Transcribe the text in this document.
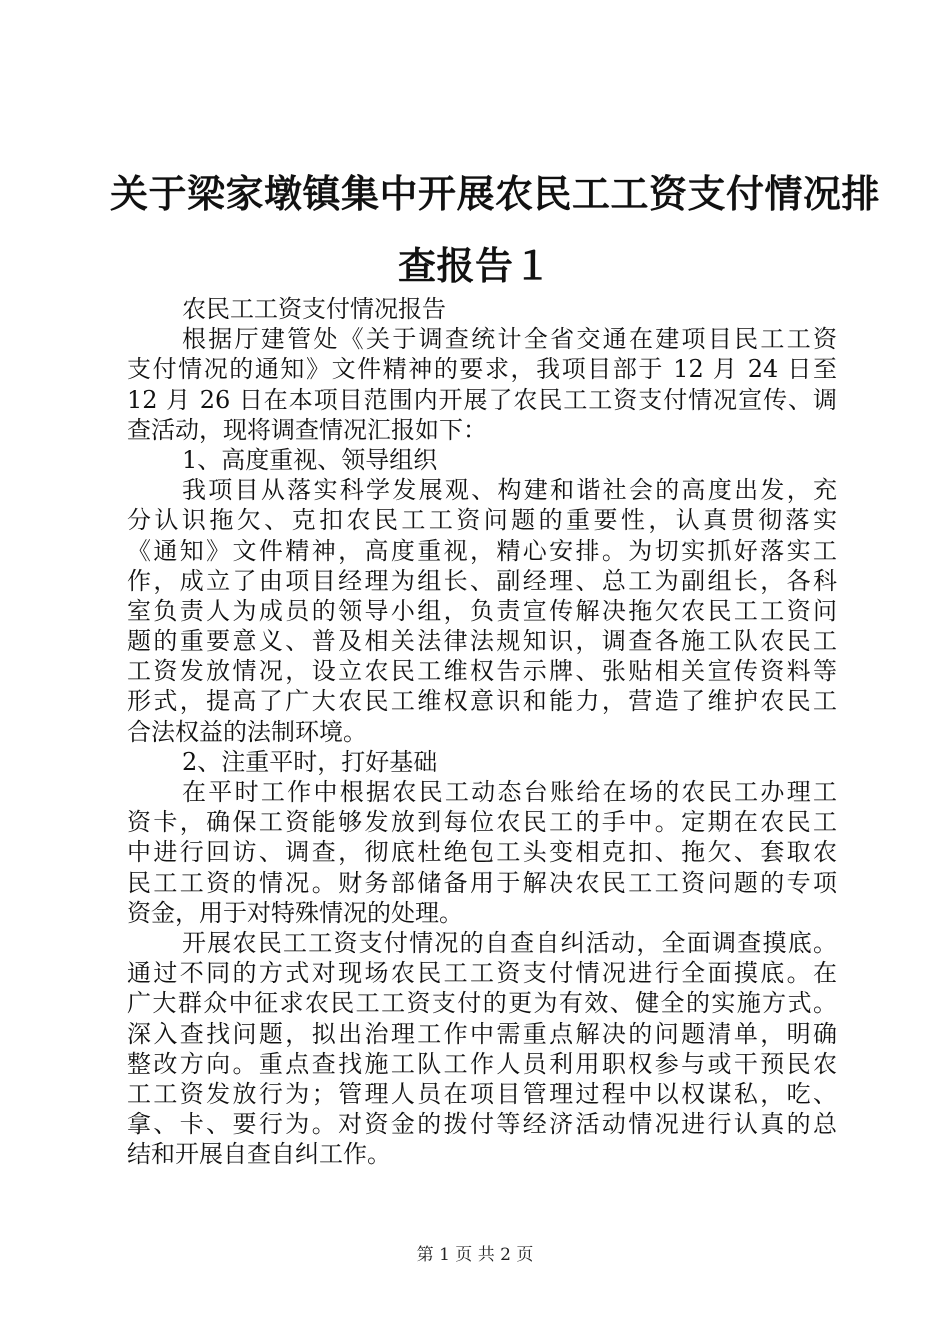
关于梁家墩镇集中开展农民工工资支付情况排
查报告１
农民工工资支付情况报告
根据厅建管处《关于调查统计全省交通在建项目民工工资
支付情况的通知》文件精神的要求，我项目部于 12 月 24 日至
12 月 26 日在本项目范围内开展了农民工工资支付情况宣传、调
查活动，现将调查情况汇报如下：
1、高度重视、领导组织
我项目从落实科学发展观、构建和谐社会的高度出发，充
分认识拖欠、克扣农民工工资问题的重要性，认真贯彻落实
《通知》文件精神，高度重视，精心安排。为切实抓好落实工
作，成立了由项目经理为组长、副经理、总工为副组长，各科
室负责人为成员的领导小组，负责宣传解决拖欠农民工工资问
题的重要意义、普及相关法律法规知识，调查各施工队农民工
工资发放情况，设立农民工维权告示牌、张贴相关宣传资料等
形式，提高了广大农民工维权意识和能力，营造了维护农民工
合法权益的法制环境。
2、注重平时，打好基础
在平时工作中根据农民工动态台账给在场的农民工办理工
资卡，确保工资能够发放到每位农民工的手中。定期在农民工
中进行回访、调查，彻底杜绝包工头变相克扣、拖欠、套取农
民工工资的情况。财务部储备用于解决农民工工资问题的专项
资金，用于对特殊情况的处理。
开展农民工工资支付情况的自查自纠活动，全面调查摸底。
通过不同的方式对现场农民工工资支付情况进行全面摸底。在
广大群众中征求农民工工资支付的更为有效、健全的实施方式。
深入查找问题，拟出治理工作中需重点解决的问题清单，明确
整改方向。重点查找施工队工作人员利用职权参与或干预民农
工工资发放行为；管理人员在项目管理过程中以权谋私，吃、
拿、卡、要行为。对资金的拨付等经济活动情况进行认真的总
结和开展自查自纠工作。
第 1 页 共 2 页
